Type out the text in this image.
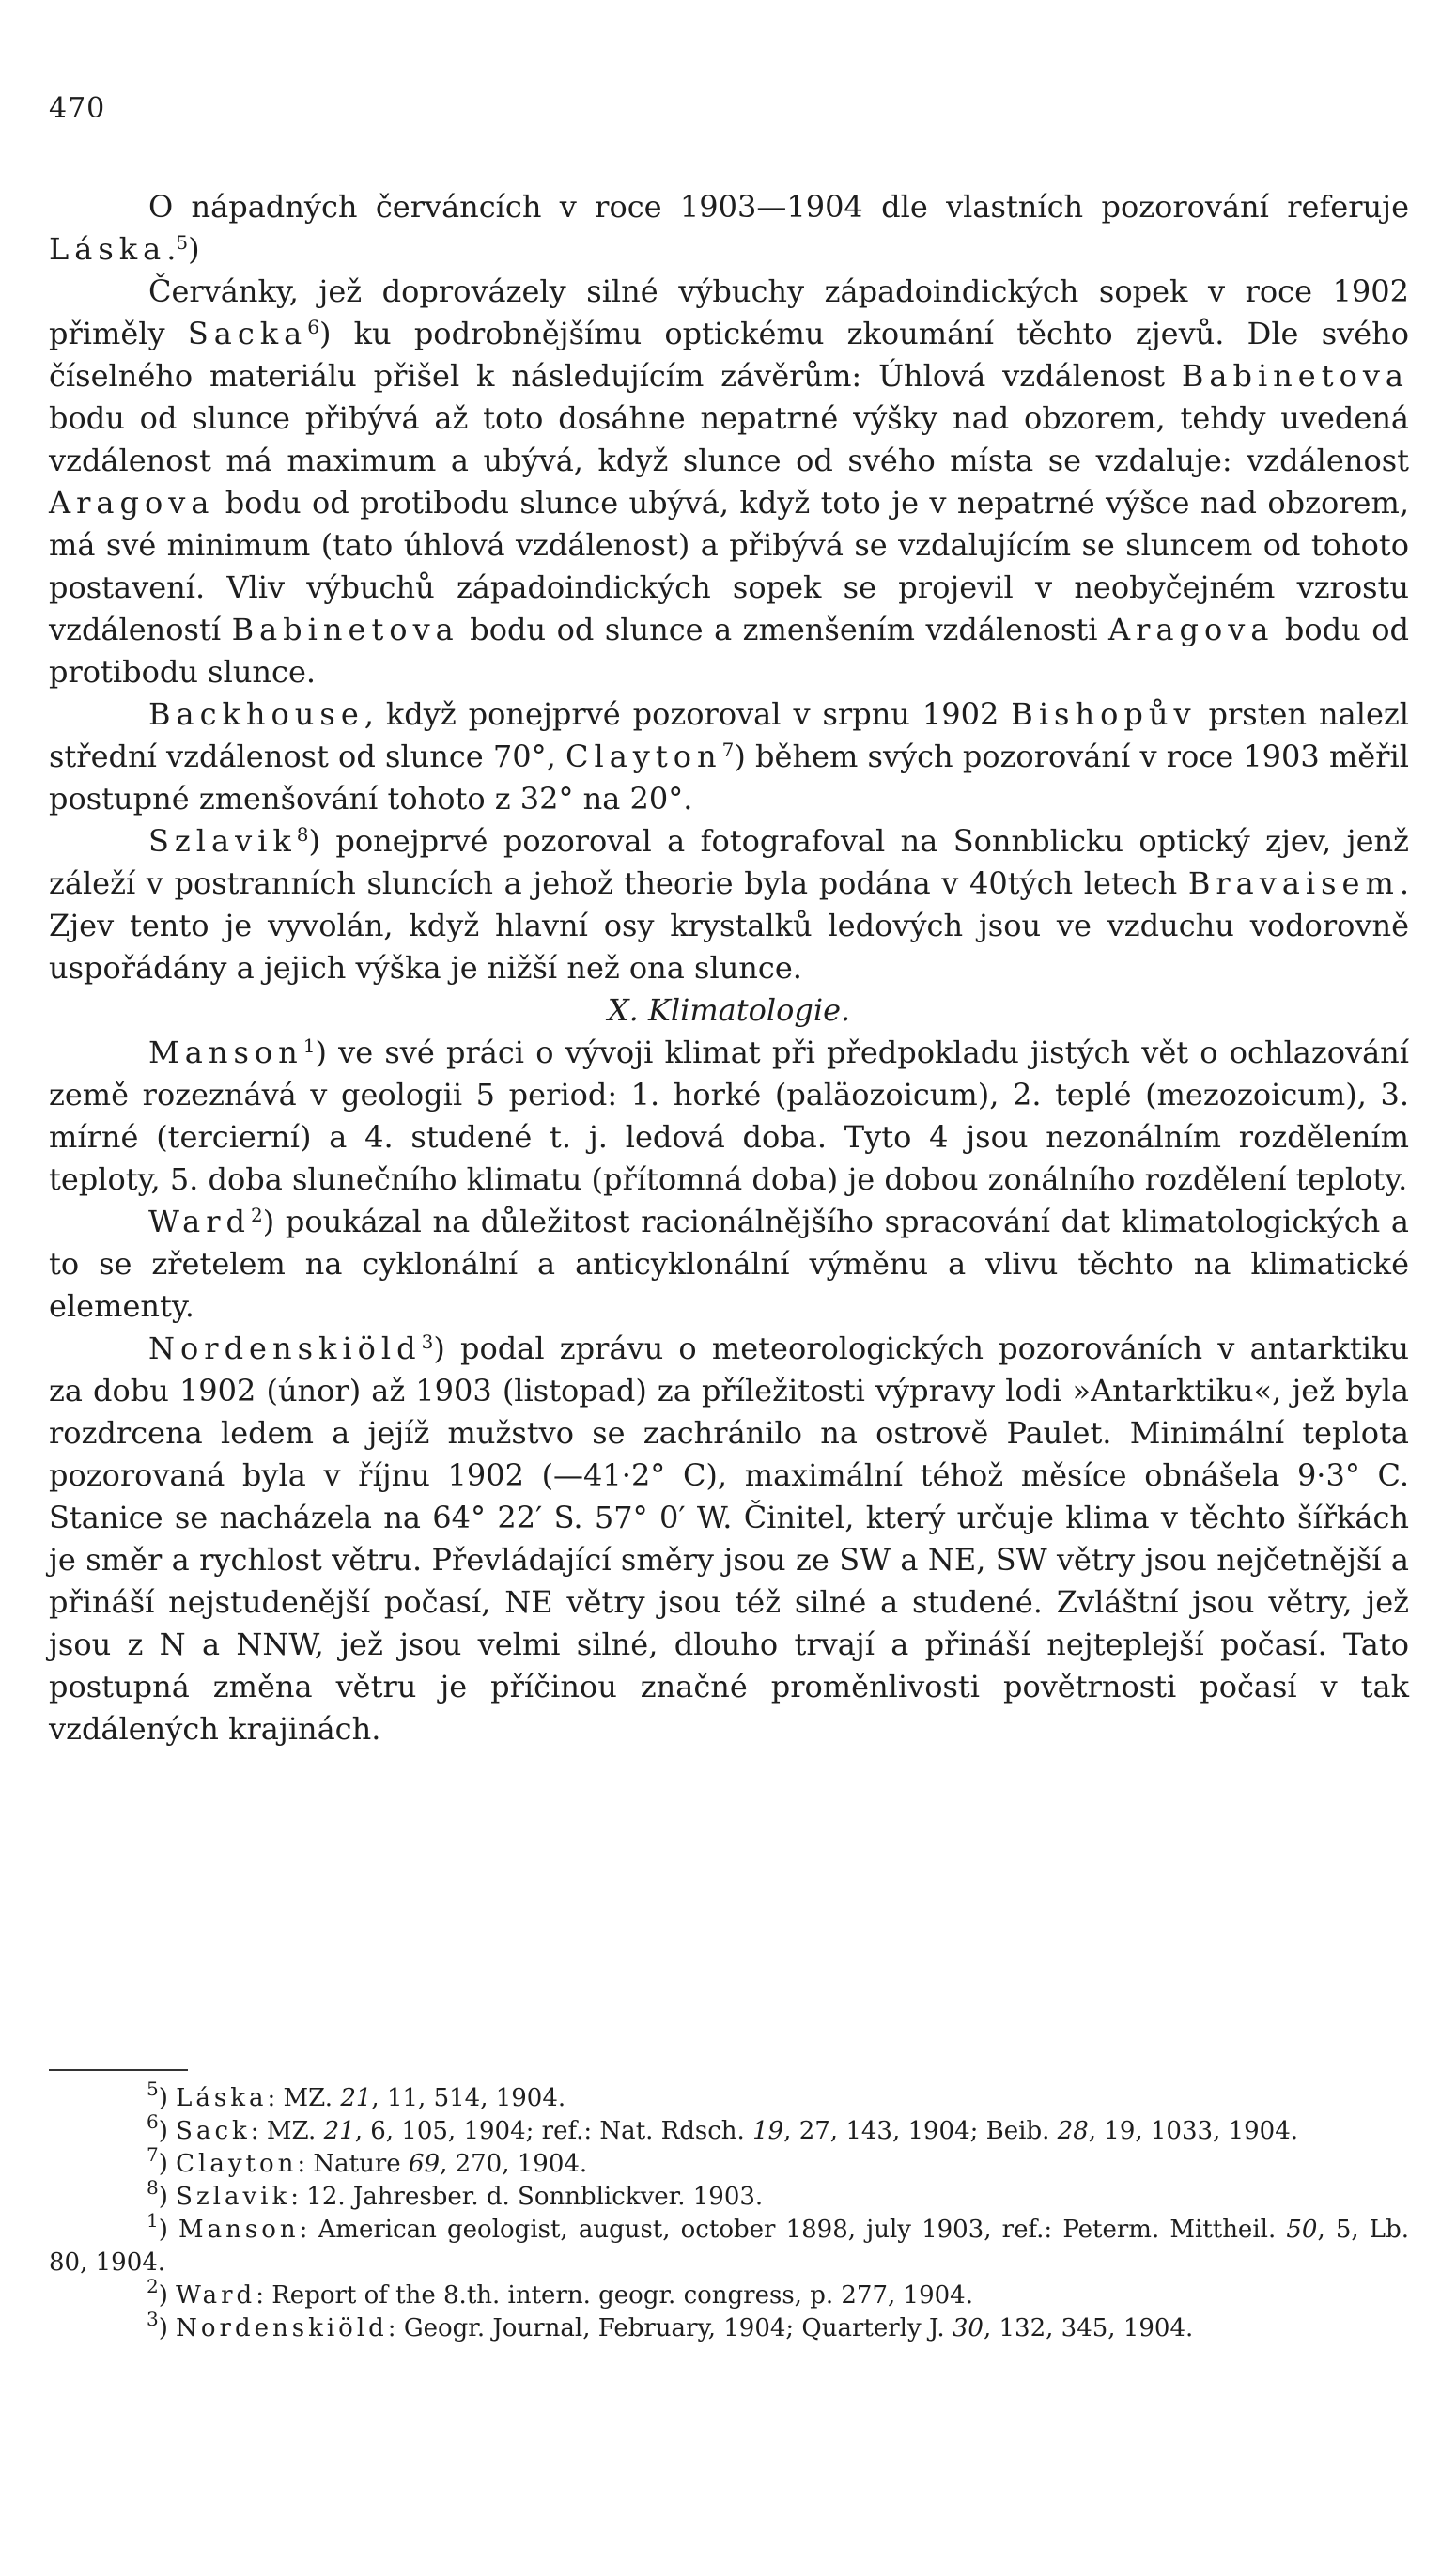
470

O nápadných červáncích v roce 1903—1904 dle vlastních pozorování referuje Láska.$^5$)

Červánky, jež doprovázely silné výbuchy západoindických sopek v roce 1902 přiměly Sacka$^6$) ku podrobnějšímu optickému zkoumání těchto zjevů. Dle svého číselného materiálu přišel k následujícím závěrům: Úhlová vzdálenost Babinetova bodu od slunce přibývá až toto dosáhne nepatrné výšky nad obzorem, tehdy uvedená vzdálenost má maximum a ubývá, když slunce od svého místa se vzdaluje: vzdálenost Aragova bodu od protibodu slunce ubývá, když toto je v nepatrné výšce nad obzorem, má své minimum (tato úhlová vzdálenost) a přibývá se vzdalujícím se sluncem od tohoto postavení. Vliv výbuchů západoindických sopek se projevil v neobyčejném vzrostu vzdáleností Babinetova bodu od slunce a zmenšením vzdálenosti Aragova bodu od protibodu slunce.

Backhouse, když ponejprvé pozoroval v srpnu 1902 Bishopův prsten nalezl střední vzdálenost od slunce 70°, Clayton$^7$) během svých pozorování v roce 1903 měřil postupné zmenšování tohoto z 32° na 20°.

Szlavik$^8$) ponejprvé pozoroval a fotografoval na Sonnblicku optický zjev, jenž záleží v postranních sluncích a jehož theorie byla podána v 40tých letech Bravaisem. Zjev tento je vyvolán, když hlavní osy krystalků ledových jsou ve vzduchu vodorovně uspořádány a jejich výška je nižší než ona slunce.

X. Klimatologie.

Manson$^1$) ve své práci o vývoji klimat při předpokladu jistých vět o ochlazování země rozeznává v geologii 5 period: 1. horké (paläozoicum), 2. teplé (mezozoicum), 3. mírné (tercierní) a 4. studené t. j. ledová doba. Tyto 4 jsou nezonálním rozdělením teploty, 5. doba slunečního klimatu (přítomná doba) je dobou zonálního rozdělení teploty.

Ward$^2$) poukázal na důležitost racionálnějšího spracování dat klimatologických a to se zřetelem na cyklonální a anticyklonální výměnu a vlivu těchto na klimatické elementy.

Nordenskiöld$^3$) podal zprávu o meteorologických pozorováních v antarktiku za dobu 1902 (únor) až 1903 (listopad) za příležitosti výpravy lodi »Antarktiku«, jež byla rozdrcena ledem a jejíž mužstvo se zachránilo na ostrově Paulet. Minimální teplota pozorovaná byla v říjnu 1902 (—41·2° C), maximální téhož měsíce obnášela 9·3° C. Stanice se nacházela na 64° 22′ S. 57° 0′ W. Činitel, který určuje klima v těchto šířkách je směr a rychlost větru. Převládající směry jsou ze SW a NE, SW větry jsou nejčetnější a přináší nejstudenější počasí, NE větry jsou též silné a studené. Zvláštní jsou větry, jež jsou z N a NNW, jež jsou velmi silné, dlouho trvají a přináší nejteplejší počasí. Tato postupná změna větru je příčinou značné proměnlivosti povětrnosti počasí v tak vzdálených krajinách.

$^5$) Láska: MZ. 21, 11, 514, 1904.

$^6$) Sack: MZ. 21, 6, 105, 1904; ref.: Nat. Rdsch. 19, 27, 143, 1904; Beib. 28, 19, 1033, 1904.

$^7$) Clayton: Nature 69, 270, 1904.

$^8$) Szlavik: 12. Jahresber. d. Sonnblickver. 1903.

$^1$) Manson: American geologist, august, october 1898, july 1903, ref.: Peterm. Mittheil. 50, 5, Lb. 80, 1904.

$^2$) Ward: Report of the 8.th. intern. geogr. congress, p. 277, 1904.

$^3$) Nordenskiöld: Geogr. Journal, February, 1904; Quarterly J. 30, 132, 345, 1904.
